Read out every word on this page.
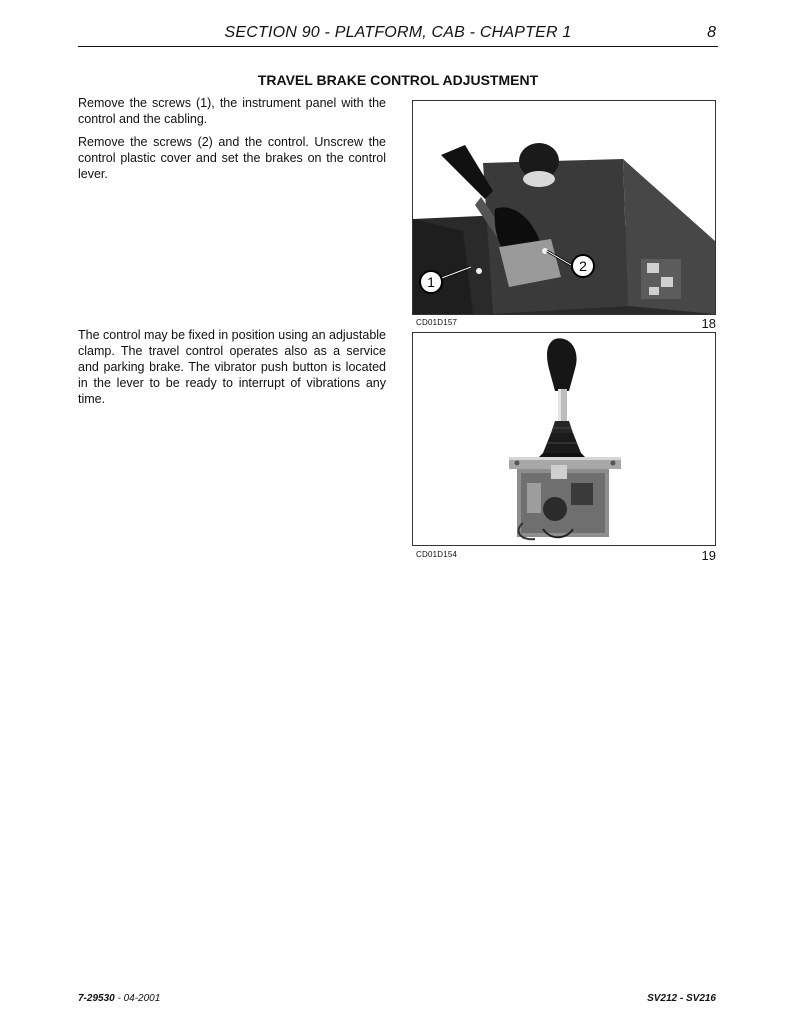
SECTION 90 - PLATFORM, CAB - CHAPTER 1	8
TRAVEL BRAKE CONTROL ADJUSTMENT
Remove the screws (1), the instrument panel with the control and the cabling.
Remove the screws (2) and the control. Unscrew the control plastic cover and set the brakes on the control lever.
The control may be fixed in position using an adjustable clamp. The travel control operates also as a service and parking brake. The vibrator push button is located in the lever to be ready to interrupt of vibrations any time.
1
2
CD01D157	18
CD01D154	19
7-29530 - 04-2001	SV212 - SV216
